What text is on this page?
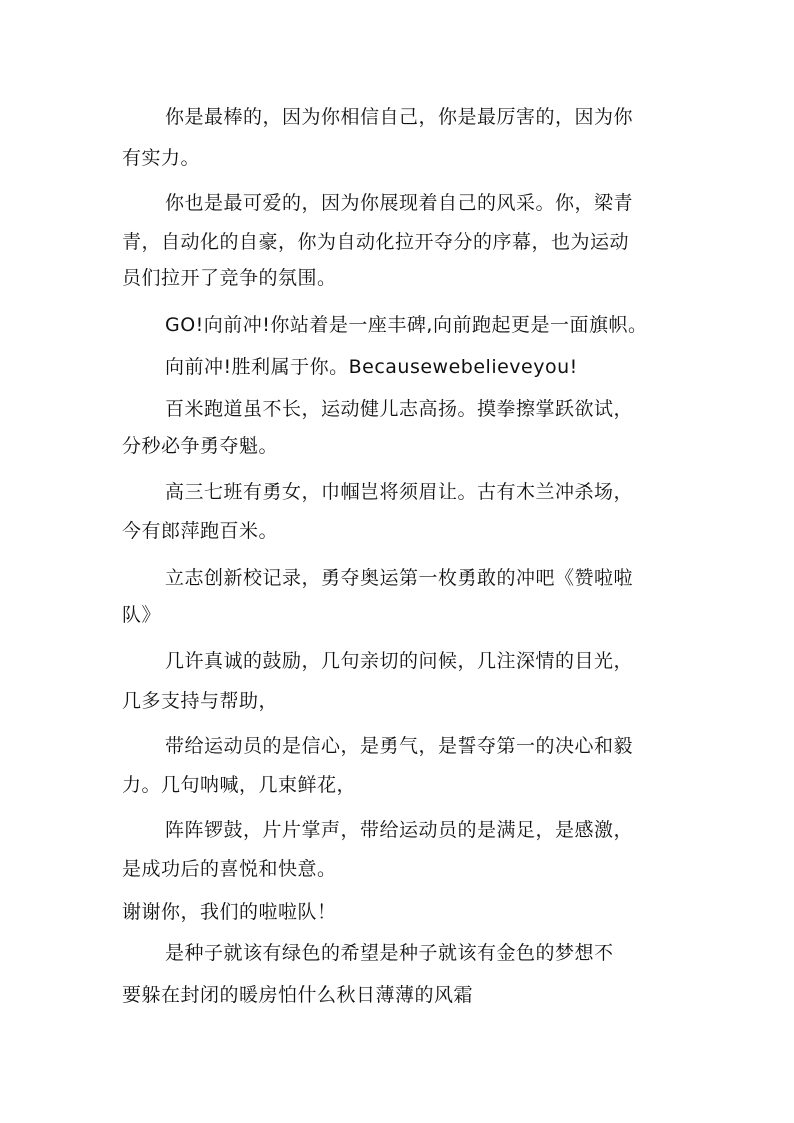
你是最棒的，因为你相信自己，你是最厉害的，因为你
有实力。
你也是最可爱的，因为你展现着自己的风采。你，梁青
青，自动化的自豪，你为自动化拉开夺分的序幕，也为运动
员们拉开了竞争的氛围。
GO!向前冲!你站着是一座丰碑,向前跑起更是一面旗帜。
向前冲!胜利属于你。Becausewebelieveyou!
百米跑道虽不长，运动健儿志高扬。摸拳擦掌跃欲试，
分秒必争勇夺魁。
高三七班有勇女，巾帼岂将须眉让。古有木兰冲杀场，
今有郎萍跑百米。
立志创新校记录，勇夺奥运第一枚勇敢的冲吧《赞啦啦
队》
几许真诚的鼓励，几句亲切的问候，几注深情的目光，
几多支持与帮助，
带给运动员的是信心，是勇气，是誓夺第一的决心和毅
力。几句呐喊，几束鲜花，
阵阵锣鼓，片片掌声，带给运动员的是满足，是感激，
是成功后的喜悦和快意。
谢谢你，我们的啦啦队！
是种子就该有绿色的希望是种子就该有金色的梦想不
要躲在封闭的暖房怕什么秋日薄薄的风霜
